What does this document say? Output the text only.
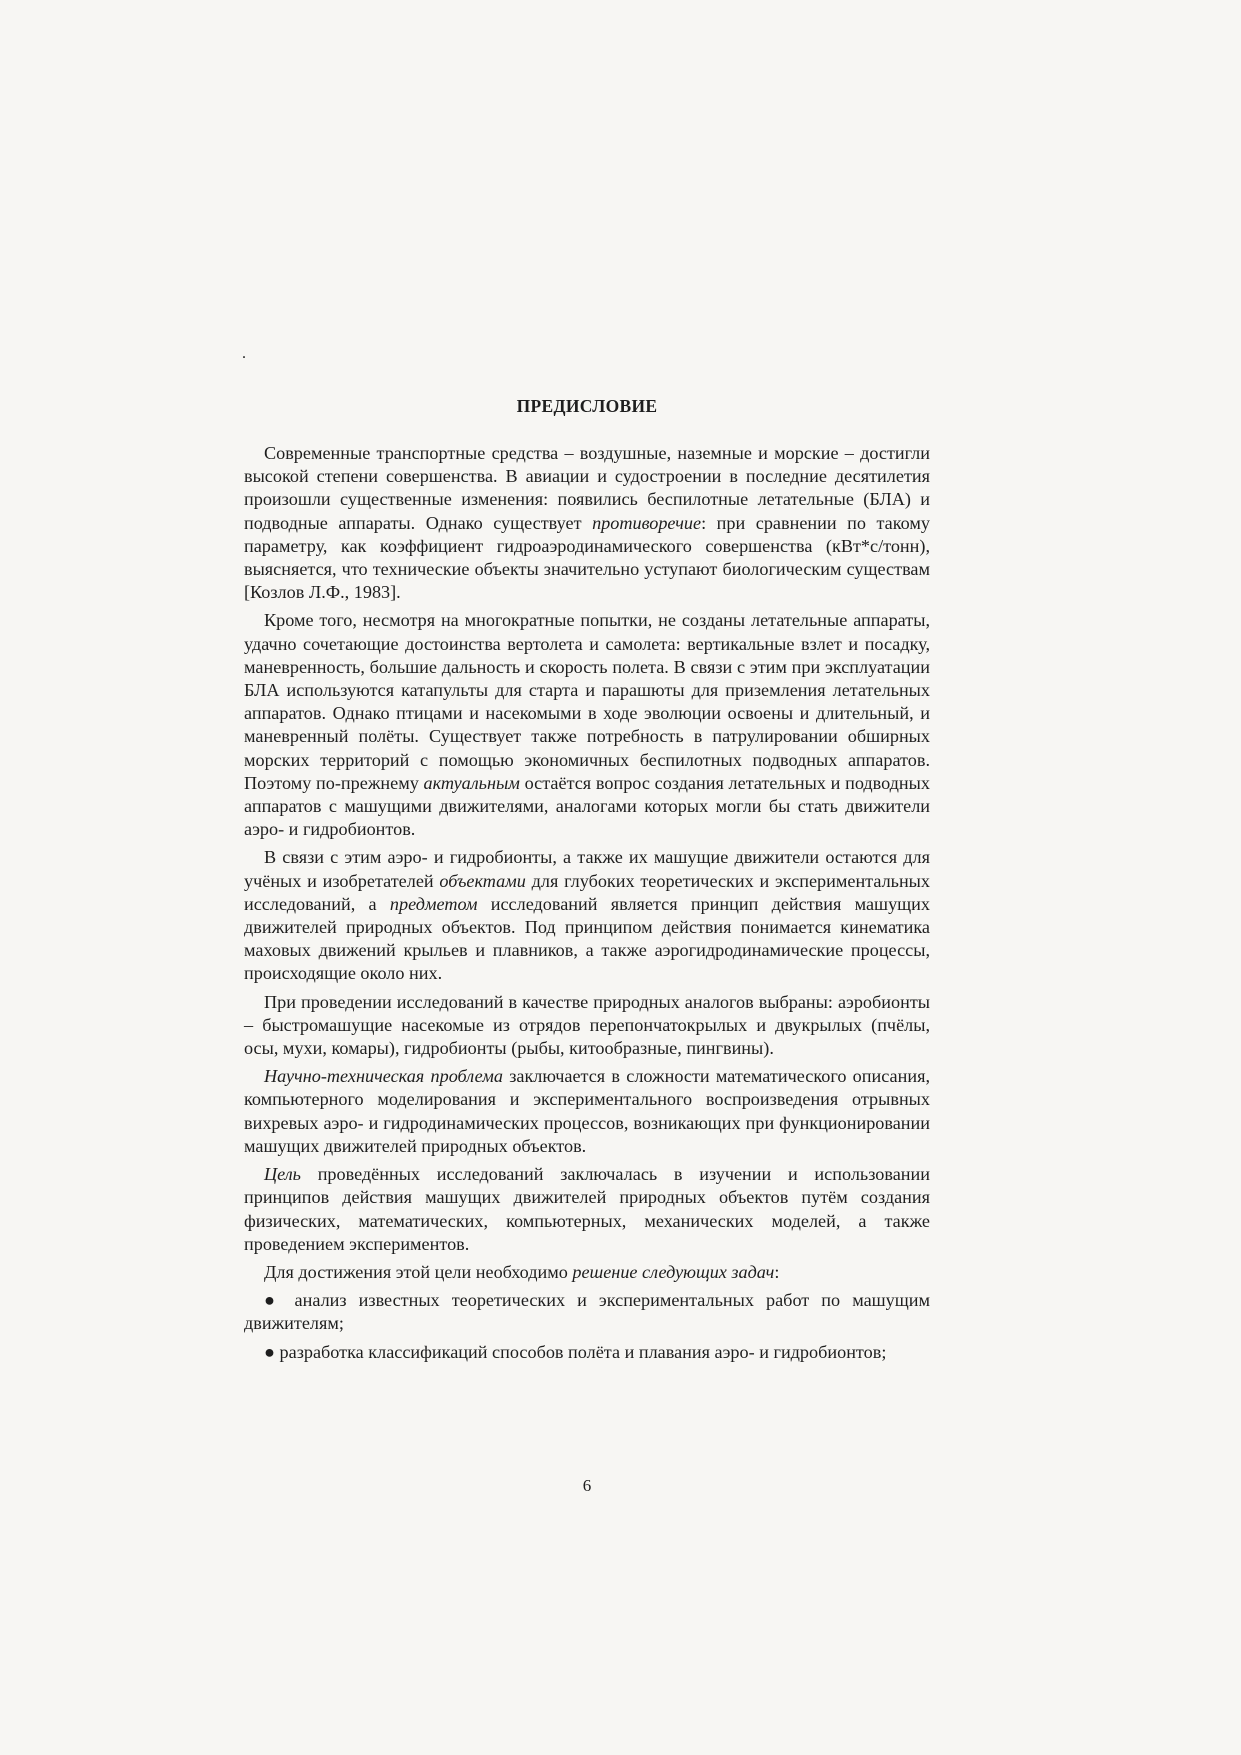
.
ПРЕДИСЛОВИЕ

Современные транспортные средства – воздушные, наземные и морские – достигли высокой степени совершенства. В авиации и судостроении в последние десятилетия произошли существенные изменения: появились беспилотные летательные (БЛА) и подводные аппараты. Однако существует противоречие: при сравнении по такому параметру, как коэффициент гидроаэродинамического совершенства (кВт*с/тонн), выясняется, что технические объекты значительно уступают биологическим существам [Козлов Л.Ф., 1983].

Кроме того, несмотря на многократные попытки, не созданы летательные аппараты, удачно сочетающие достоинства вертолета и самолета: вертикальные взлет и посадку, маневренность, большие дальность и скорость полета. В связи с этим при эксплуатации БЛА используются катапульты для старта и парашюты для приземления летательных аппаратов. Однако птицами и насекомыми в ходе эволюции освоены и длительный, и маневренный полёты. Существует также потребность в патрулировании обширных морских территорий с помощью экономичных беспилотных подводных аппаратов. Поэтому по-прежнему актуальным остаётся вопрос создания летательных и подводных аппаратов с машущими движителями, аналогами которых могли бы стать движители аэро- и гидробионтов.

В связи с этим аэро- и гидробионты, а также их машущие движители остаются для учёных и изобретателей объектами для глубоких теоретических и экспериментальных исследований, а предметом исследований является принцип действия машущих движителей природных объектов. Под принципом действия понимается кинематика маховых движений крыльев и плавников, а также аэрогидродинамические процессы, происходящие около них.

При проведении исследований в качестве природных аналогов выбраны: аэробионты – быстромашущие насекомые из отрядов перепончатокрылых и двукрылых (пчёлы, осы, мухи, комары), гидробионты (рыбы, китообразные, пингвины).

Научно-техническая проблема заключается в сложности математического описания, компьютерного моделирования и экспериментального воспроизведения отрывных вихревых аэро- и гидродинамических процессов, возникающих при функционировании машущих движителей природных объектов.

Цель проведённых исследований заключалась в изучении и использовании принципов действия машущих движителей природных объектов путём создания физических, математических, компьютерных, механических моделей, а также проведением экспериментов.

Для достижения этой цели необходимо решение следующих задач:

● анализ известных теоретических и экспериментальных работ по машущим движителям;

● разработка классификаций способов полёта и плавания аэро- и гидробионтов;

6
